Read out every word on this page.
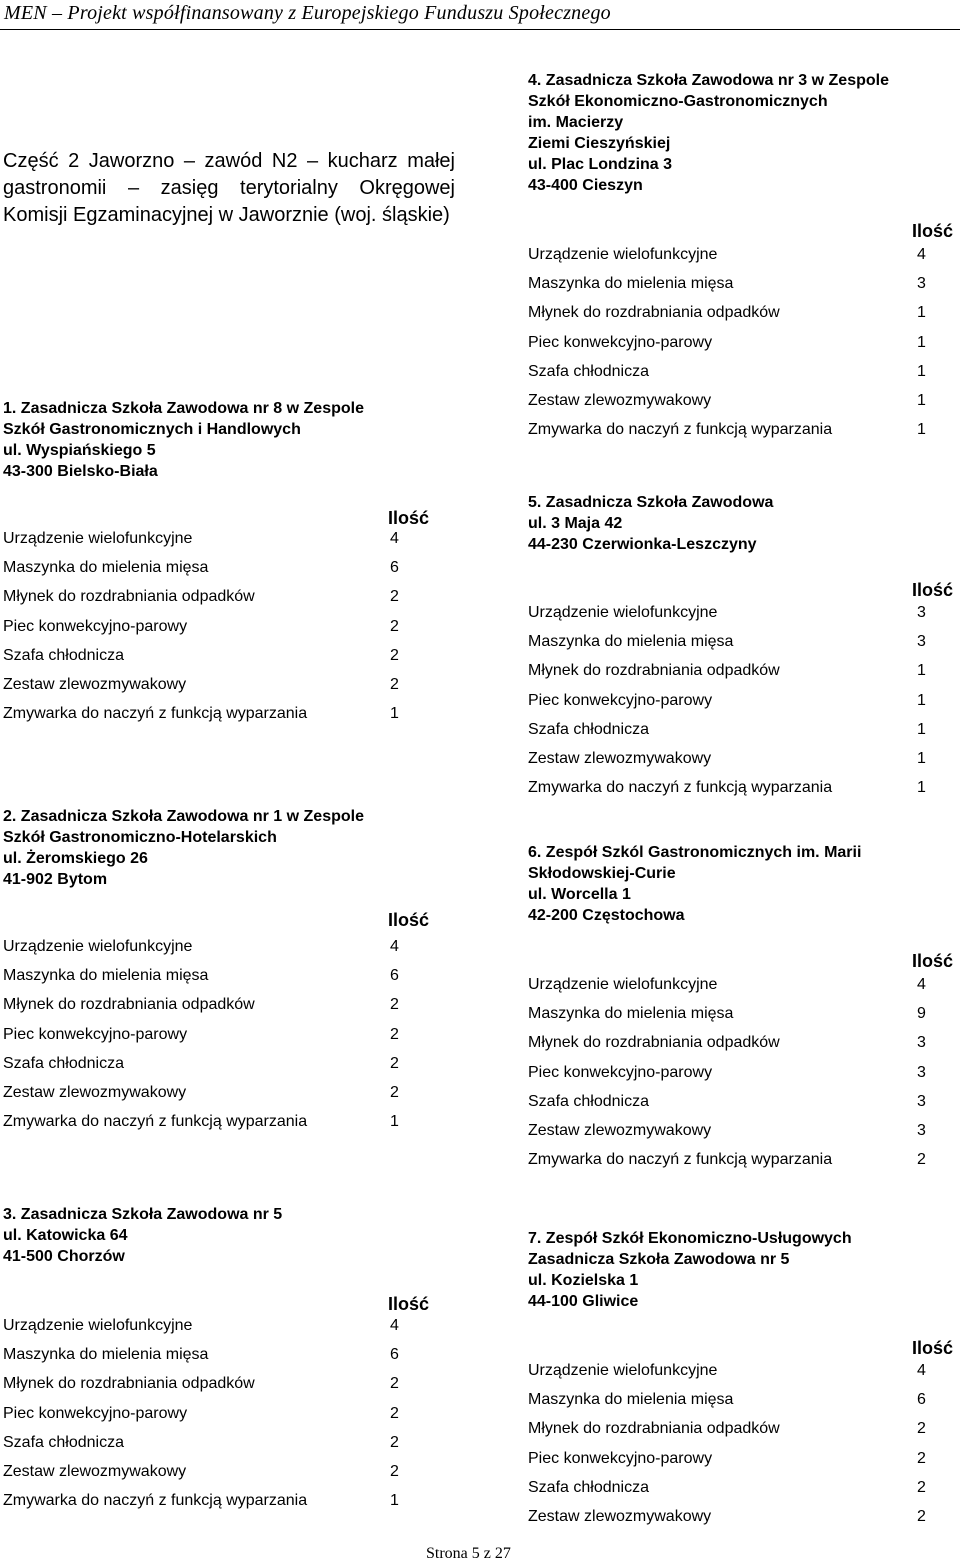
MEN – Projekt współfinansowany z Europejskiego Funduszu Społecznego
Część 2 Jaworzno – zawód N2 – kucharz małej gastronomii – zasięg terytorialny Okręgowej Komisji Egzaminacyjnej w Jaworznie (woj. śląskie)
1. Zasadnicza Szkoła Zawodowa nr 8 w Zespole
Szkół Gastronomicznych i Handlowych
ul. Wyspiańskiego 5
43-300 Bielsko-Biała
Ilość
Urządzenie wielofunkcyjne	4
Maszynka do mielenia mięsa	6
Młynek do rozdrabniania odpadków	2
Piec konwekcyjno-parowy	2
Szafa chłodnicza	2
Zestaw zlewozmywakowy	2
Zmywarka do naczyń z funkcją wyparzania	1
2. Zasadnicza Szkoła Zawodowa nr 1 w Zespole
Szkół Gastronomiczno-Hotelarskich
ul. Żeromskiego 26
41-902 Bytom
Ilość
Urządzenie wielofunkcyjne	4
Maszynka do mielenia mięsa	6
Młynek do rozdrabniania odpadków	2
Piec konwekcyjno-parowy	2
Szafa chłodnicza	2
Zestaw zlewozmywakowy	2
Zmywarka do naczyń z funkcją wyparzania	1
3. Zasadnicza Szkoła Zawodowa nr 5
ul. Katowicka 64
41-500 Chorzów
Ilość
Urządzenie wielofunkcyjne	4
Maszynka do mielenia mięsa	6
Młynek do rozdrabniania odpadków	2
Piec konwekcyjno-parowy	2
Szafa chłodnicza	2
Zestaw zlewozmywakowy	2
Zmywarka do naczyń z funkcją wyparzania	1
4. Zasadnicza Szkoła Zawodowa nr 3 w Zespole
Szkół Ekonomiczno-Gastronomicznych
im. Macierzy
Ziemi Cieszyńskiej
ul. Plac Londzina 3
43-400 Cieszyn
Ilość
Urządzenie wielofunkcyjne	4
Maszynka do mielenia mięsa	3
Młynek do rozdrabniania odpadków	1
Piec konwekcyjno-parowy	1
Szafa chłodnicza	1
Zestaw zlewozmywakowy	1
Zmywarka do naczyń z funkcją wyparzania	1
5. Zasadnicza Szkoła Zawodowa
ul. 3 Maja 42
44-230 Czerwionka-Leszczyny
Ilość
Urządzenie wielofunkcyjne	3
Maszynka do mielenia mięsa	3
Młynek do rozdrabniania odpadków	1
Piec konwekcyjno-parowy	1
Szafa chłodnicza	1
Zestaw zlewozmywakowy	1
Zmywarka do naczyń z funkcją wyparzania	1
6. Zespół Szkól Gastronomicznych im. Marii
Skłodowskiej-Curie
ul. Worcella 1
42-200 Częstochowa
Ilość
Urządzenie wielofunkcyjne	4
Maszynka do mielenia mięsa	9
Młynek do rozdrabniania odpadków	3
Piec konwekcyjno-parowy	3
Szafa chłodnicza	3
Zestaw zlewozmywakowy	3
Zmywarka do naczyń z funkcją wyparzania	2
7. Zespół Szkół Ekonomiczno-Usługowych
Zasadnicza Szkoła Zawodowa nr 5
ul. Kozielska 1
44-100 Gliwice
Ilość
Urządzenie wielofunkcyjne	4
Maszynka do mielenia mięsa	6
Młynek do rozdrabniania odpadków	2
Piec konwekcyjno-parowy	2
Szafa chłodnicza	2
Zestaw zlewozmywakowy	2
Strona 5 z 27
